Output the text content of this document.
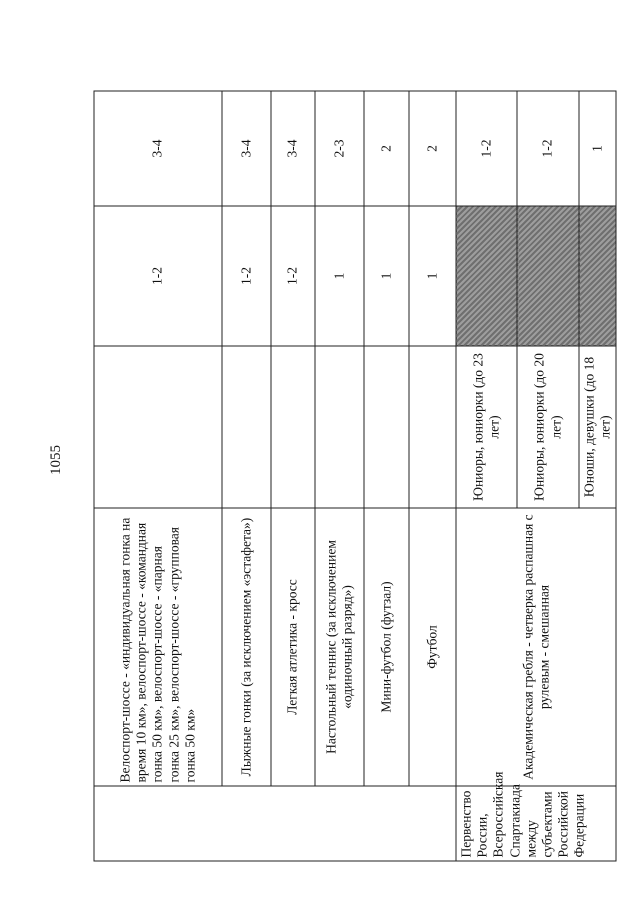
1055
	Велоспорт-шоссе - «индивидуальная гонка на время 10 км», велоспорт-шоссе - «командная гонка 50 км», велоспорт-шоссе - «парная гонка 25 км», велоспорт-шоссе - «групповая гонка 50 км»		1-2	3-4
	Лыжные гонки (за исключением «эстафета»)		1-2	3-4
	Легкая атлетика - кросс		1-2	3-4
	Настольный теннис (за исключением «одиночный разряд»)		1	2-3
	Мини-футбол (футзал)		1	2
	Футбол		1	2
Первенство России, Всероссийская Спартакиада между субъектами Российской Федерации	Академическая гребля - четверка распашная с рулевым - смешанная	Юниоры, юниорки (до 23 лет)		1-2
		Юниоры, юниорки (до 20 лет)		1-2
		Юноши, девушки (до 18 лет)		1
